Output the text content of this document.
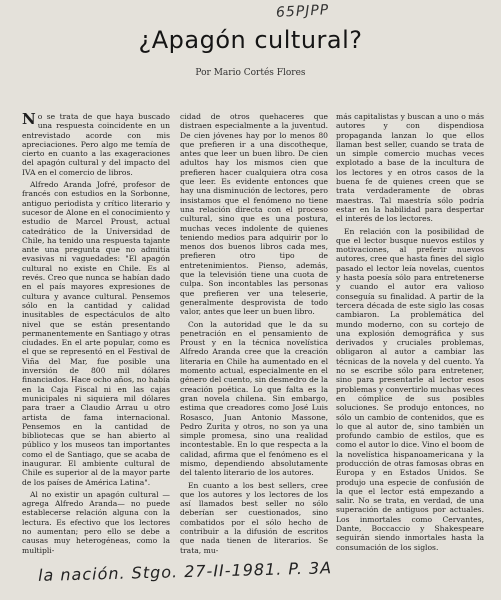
65PJPP
¿Apagón cultural?
Por Mario Cortés Flores

No se trata de que haya buscado una respuesta coincidente en un entrevistado acorde con mis apreciaciones. Pero algo me temía de cierto en cuanto a las exageraciones del apagón cultural y del impacto del IVA en el comercio de libros.

Alfredo Aranda Jofré, profesor de francés con estudios en la Sorbonne, antiguo periodista y crítico literario y sucesor de Alone en el conocimiento y estudio de Marcel Proust, actual catedrático de la Universidad de Chile, ha tenido una respuesta tajante ante una pregunta que no admitía evasivas ni vaguedades: "El apagón cultural no existe en Chile. Es al revés. Creo que nunca se habían dado en el país mayores expresiones de cultura y avance cultural. Pensemos sólo en la cantidad y calidad inusitables de espectáculos de alto nivel que se están presentando permanentemente en Santiago y otras ciudades. En el arte popular, como es el que se representó en el Festival de Viña del Mar, fue posible una inversión de 800 mil dólares financiados. Hace ocho años, no había en la Caja Fiscal ni en las cajas municipales ni siquiera mil dólares para traer a Claudio Arrau u otro artista de fama internacional. Pensemos en la cantidad de bibliotecas que se han abierto al público y los museos tan importantes como el de Santiago, que se acaba de inaugurar. El ambiente cultural de Chile es superior al de la mayor parte de los países de América Latina".

Al no existir un apagón cultural —agrega Alfredo Aranda— no puede establecerse relación alguna con la lectura. Es efectivo que los lectores no aumentan; pero ello se debe a causas muy heterogéneas, como la multipli-

cidad de otros quehaceres que distraen especialmente a la juventud. De cien jóvenes hay por lo menos 80 que prefieren ir a una discotheque, antes que leer un buen libro. De cien adultos hay los mismos cien que prefieren hacer cualquiera otra cosa que leer. Es evidente entonces que hay una disminución de lectores, pero insistamos que el fenómeno no tiene una relación directa con el proceso cultural, sino que es una postura, muchas veces indolente de quienes teniendo medios para adquirir por lo menos dos buenos libros cada mes, prefieren otro tipo de entretenimientos. Pienso, además, que la televisión tiene una cuota de culpa. Son incontables las personas que prefieren ver una teleserie, generalmente desprovista de todo valor, antes que leer un buen libro.

Con la autoridad que le da su penetración en el pensamiento de Proust y en la técnica novelística Alfredo Aranda cree que la creación literaria en Chile ha aumentado en el momento actual, especialmente en el género del cuento, sin desmedro de la creación poética. Lo que falta es la gran novela chilena. Sin embargo, estima que creadores como José Luis Rosasco, Juan Antonio Massone, Pedro Zurita y otros, no son ya una simple promesa, sino una realidad incontestable. En lo que respecta a la calidad, afirma que el fenómeno es el mismo, dependiendo absolutamente del talento literario de los autores.

En cuanto a los best sellers, cree que los autores y los lectores de los así llamados best seller no sólo deberían ser cuestionados, sino combatidos por el sólo hecho de contribuir a la difusión de escritos que nada tienen de literarios. Se trata, mu-

más capitalistas y buscan a uno o más autores y con dispendiosa propaganda lanzan lo que ellos llaman best seller, cuando se trata de un simple comercio muchas veces explotado a base de la incultura de los lectores y en otros casos de la buena fe de quienes creen que se trata verdaderamente de obras maestras. Tal maestría sólo podría estar en la habilidad para despertar el interés de los lectores.

En relación con la posibilidad de que el lector busque nuevos estilos y motivaciones, al preferir nuevos autores, cree que hasta fines del siglo pasado el lector leía novelas, cuentos y hasta poesía sólo para entretenerse y cuando el autor era valioso conseguía su finalidad. A partir de la tercera década de este siglo las cosas cambiaron. La problemática del mundo moderno, con su cortejo de una explosión demográfica y sus derivados y cruciales problemas, obligaron al autor a cambiar las técnicas de la novela y del cuento. Ya no se escribe sólo para entretener, sino para presentarle al lector esos problemas y convertirlo muchas veces en cómplice de sus posibles soluciones. Se produjo entonces, no sólo un cambio de contenidos, que es lo que al autor de, sino también un profundo cambio de estilos, que es como el autor lo dice. Vino el boom de la novelística hispanoamericana y la producción de otras famosas obras en Europa y en Estados Unidos. Se produjo una especie de confusión de la que el lector está empezando a salir. No se trata, en verdad, de una superación de antiguos por actuales. Los inmortales como Cervantes, Dante, Boccaccio y Shakespeare seguirán siendo inmortales hasta la consumación de los siglos.

la nación. Stgo. 27-II-1981. P. 3A
